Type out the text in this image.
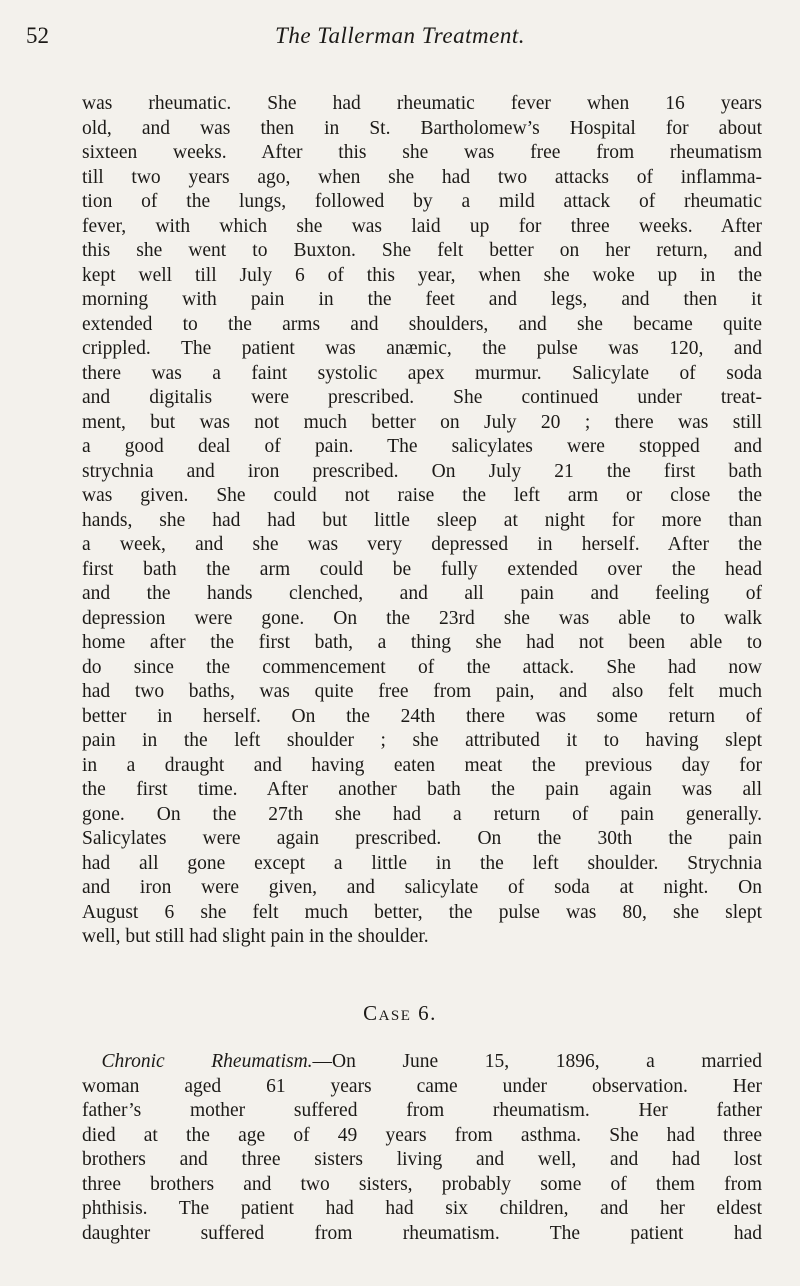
52	The Tallerman Treatment.
was rheumatic. She had rheumatic fever when 16 years
old, and was then in St. Bartholomew’s Hospital for about
sixteen weeks. After this she was free from rheumatism
till two years ago, when she had two attacks of inflamma-
tion of the lungs, followed by a mild attack of rheumatic
fever, with which she was laid up for three weeks. After
this she went to Buxton. She felt better on her return, and
kept well till July 6 of this year, when she woke up in the
morning with pain in the feet and legs, and then it
extended to the arms and shoulders, and she became quite
crippled. The patient was anæmic, the pulse was 120, and
there was a faint systolic apex murmur. Salicylate of soda
and digitalis were prescribed. She continued under treat-
ment, but was not much better on July 20 ; there was still
a good deal of pain. The salicylates were stopped and
strychnia and iron prescribed. On July 21 the first bath
was given. She could not raise the left arm or close the
hands, she had had but little sleep at night for more than
a week, and she was very depressed in herself. After the
first bath the arm could be fully extended over the head
and the hands clenched, and all pain and feeling of
depression were gone. On the 23rd she was able to walk
home after the first bath, a thing she had not been able to
do since the commencement of the attack. She had now
had two baths, was quite free from pain, and also felt much
better in herself. On the 24th there was some return of
pain in the left shoulder ; she attributed it to having slept
in a draught and having eaten meat the previous day for
the first time. After another bath the pain again was all
gone. On the 27th she had a return of pain generally.
Salicylates were again prescribed. On the 30th the pain
had all gone except a little in the left shoulder. Strychnia
and iron were given, and salicylate of soda at night. On
August 6 she felt much better, the pulse was 80, she slept
well, but still had slight pain in the shoulder.
Case 6.
 Chronic Rheumatism.—On June 15, 1896, a married
woman aged 61 years came under observation. Her
father’s mother suffered from rheumatism. Her father
died at the age of 49 years from asthma. She had three
brothers and three sisters living and well, and had lost
three brothers and two sisters, probably some of them from
phthisis. The patient had had six children, and her eldest
daughter suffered from rheumatism. The patient had
